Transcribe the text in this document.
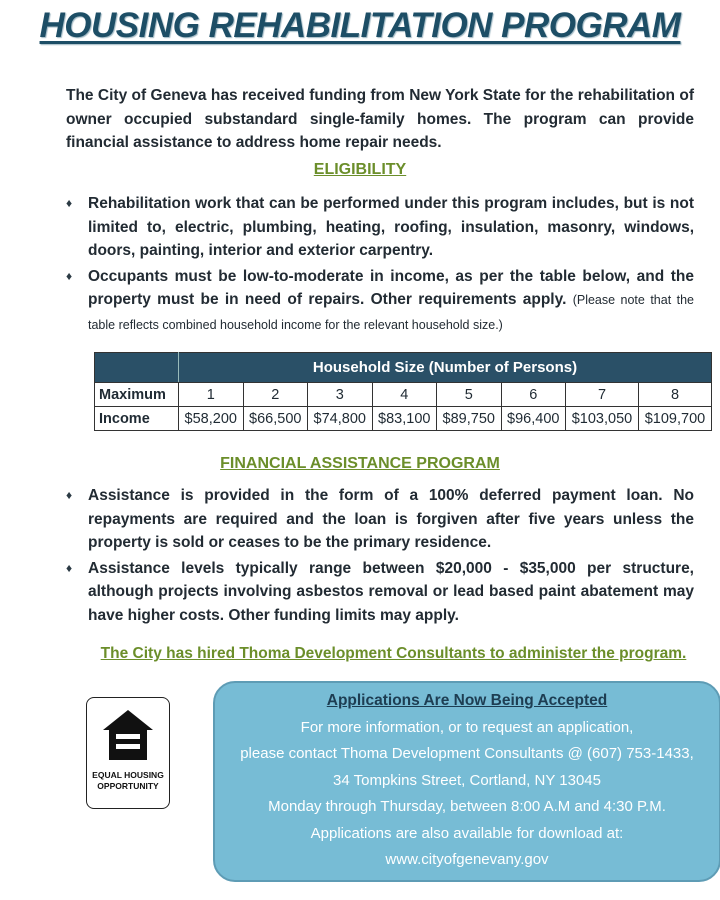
HOUSING REHABILITATION PROGRAM
The City of Geneva has received funding from New York State for the rehabilitation of owner occupied substandard single-family homes. The program can provide financial assistance to address home repair needs.
ELIGIBILITY
♦ Rehabilitation work that can be performed under this program includes, but is not limited to, electric, plumbing, heating, roofing, insulation, masonry, windows, doors, painting, interior and exterior carpentry.
♦ Occupants must be low-to-moderate in income, as per the table below, and the property must be in need of repairs. Other requirements apply. (Please note that the table reflects combined household income for the relevant household size.)
	Household Size (Number of Persons)							
Maximum	1	2	3	4	5	6	7	8
Income	$58,200	$66,500	$74,800	$83,100	$89,750	$96,400	$103,050	$109,700
FINANCIAL ASSISTANCE PROGRAM
♦ Assistance is provided in the form of a 100% deferred payment loan. No repayments are required and the loan is forgiven after five years unless the property is sold or ceases to be the primary residence.
♦ Assistance levels typically range between $20,000 - $35,000 per structure, although projects involving asbestos removal or lead based paint abatement may have higher costs. Other funding limits may apply.
The City has hired Thoma Development Consultants to administer the program.
EQUAL HOUSING
OPPORTUNITY
Applications Are Now Being Accepted
For more information, or to request an application,
please contact Thoma Development Consultants @ (607) 753-1433,
34 Tompkins Street, Cortland, NY 13045
Monday through Thursday, between 8:00 A.M and 4:30 P.M.
Applications are also available for download at:
www.cityofgenevany.gov
